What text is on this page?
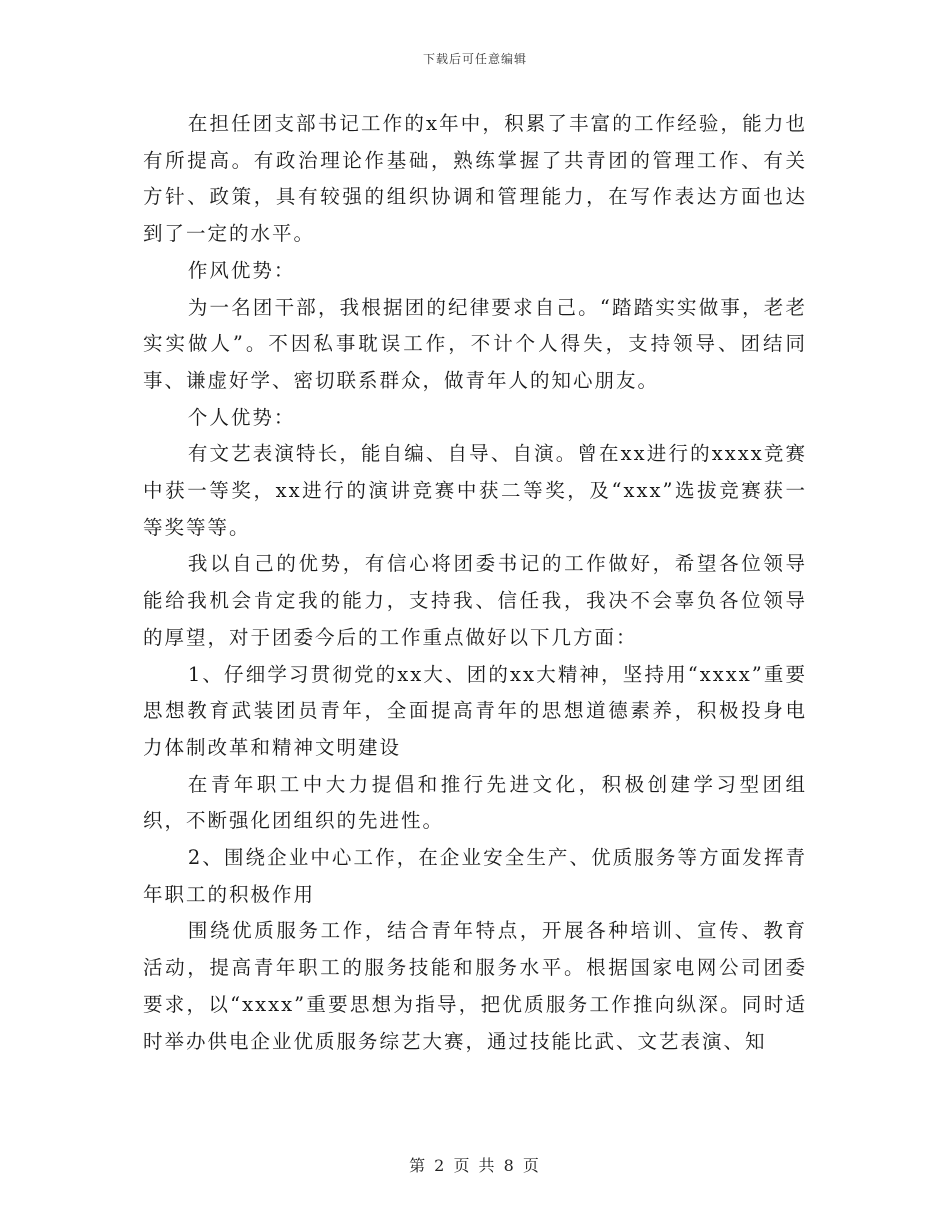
下载后可任意编辑

在担任团支部书记工作的x年中，积累了丰富的工作经验，能力也有所提高。有政治理论作基础，熟练掌握了共青团的管理工作、有关方针、政策，具有较强的组织协调和管理能力，在写作表达方面也达到了一定的水平。

作风优势：

为一名团干部，我根据团的纪律要求自己。“踏踏实实做事，老老实实做人”。不因私事耽误工作，不计个人得失，支持领导、团结同事、谦虚好学、密切联系群众，做青年人的知心朋友。

个人优势：

有文艺表演特长，能自编、自导、自演。曾在xx进行的xxxx竞赛中获一等奖，xx进行的演讲竞赛中获二等奖，及“xxx”选拔竞赛获一等奖等等。

我以自己的优势，有信心将团委书记的工作做好，希望各位领导能给我机会肯定我的能力，支持我、信任我，我决不会辜负各位领导的厚望，对于团委今后的工作重点做好以下几方面：

1、仔细学习贯彻党的xx大、团的xx大精神，坚持用“xxxx”重要思想教育武装团员青年，全面提高青年的思想道德素养，积极投身电力体制改革和精神文明建设

在青年职工中大力提倡和推行先进文化，积极创建学习型团组织，不断强化团组织的先进性。

2、围绕企业中心工作，在企业安全生产、优质服务等方面发挥青年职工的积极作用

围绕优质服务工作，结合青年特点，开展各种培训、宣传、教育活动，提高青年职工的服务技能和服务水平。根据国家电网公司团委要求，以“xxxx”重要思想为指导，把优质服务工作推向纵深。同时适时举办供电企业优质服务综艺大赛，通过技能比武、文艺表演、知

第 2 页 共 8 页
